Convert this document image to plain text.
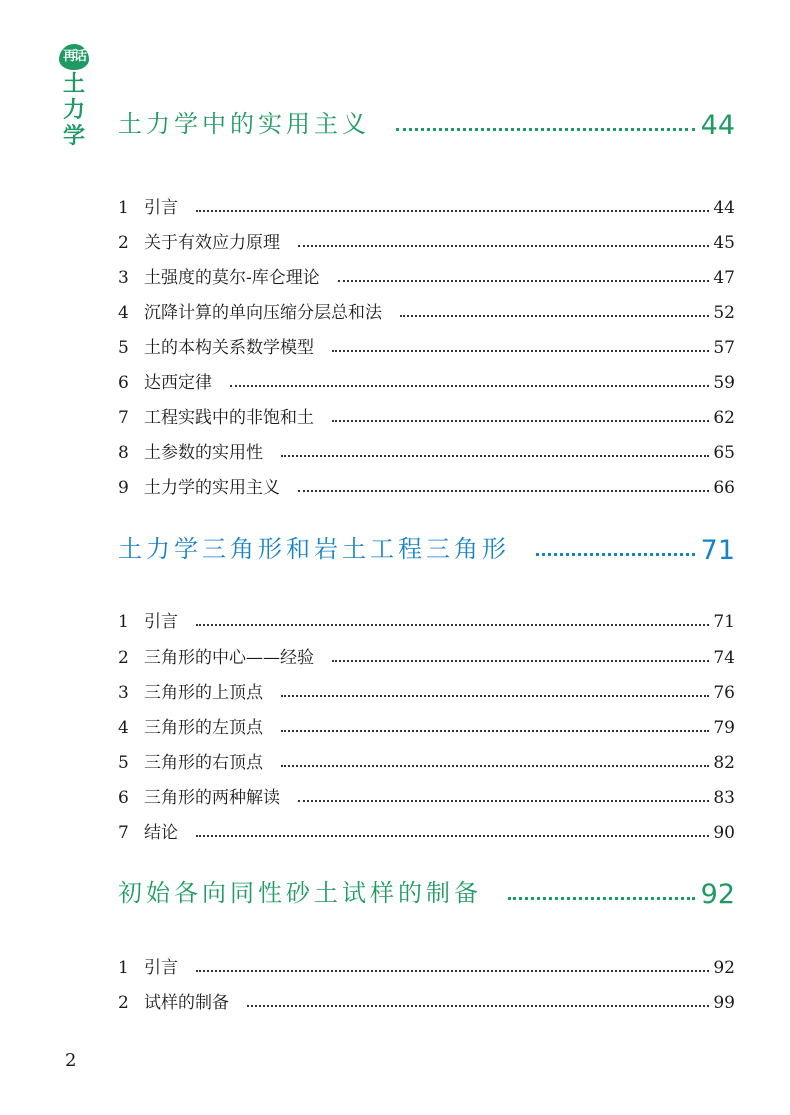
再话
土
力
学 土力学中的实用主义	44
1 引言	44
2 关于有效应力原理	45
3 土强度的莫尔-库仑理论	47
4 沉降计算的单向压缩分层总和法	52
5 土的本构关系数学模型	57
6 达西定律	59
7 工程实践中的非饱和土	62
8 土参数的实用性	65
9 土力学的实用主义	66
土力学三角形和岩土工程三角形	71
1 引言	71
2 三角形的中心——经验	74
3 三角形的上顶点	76
4 三角形的左顶点	79
5 三角形的右顶点	82
6 三角形的两种解读	83
7 结论	90
初始各向同性砂土试样的制备	92
1 引言	92
2 试样的制备	99
2
